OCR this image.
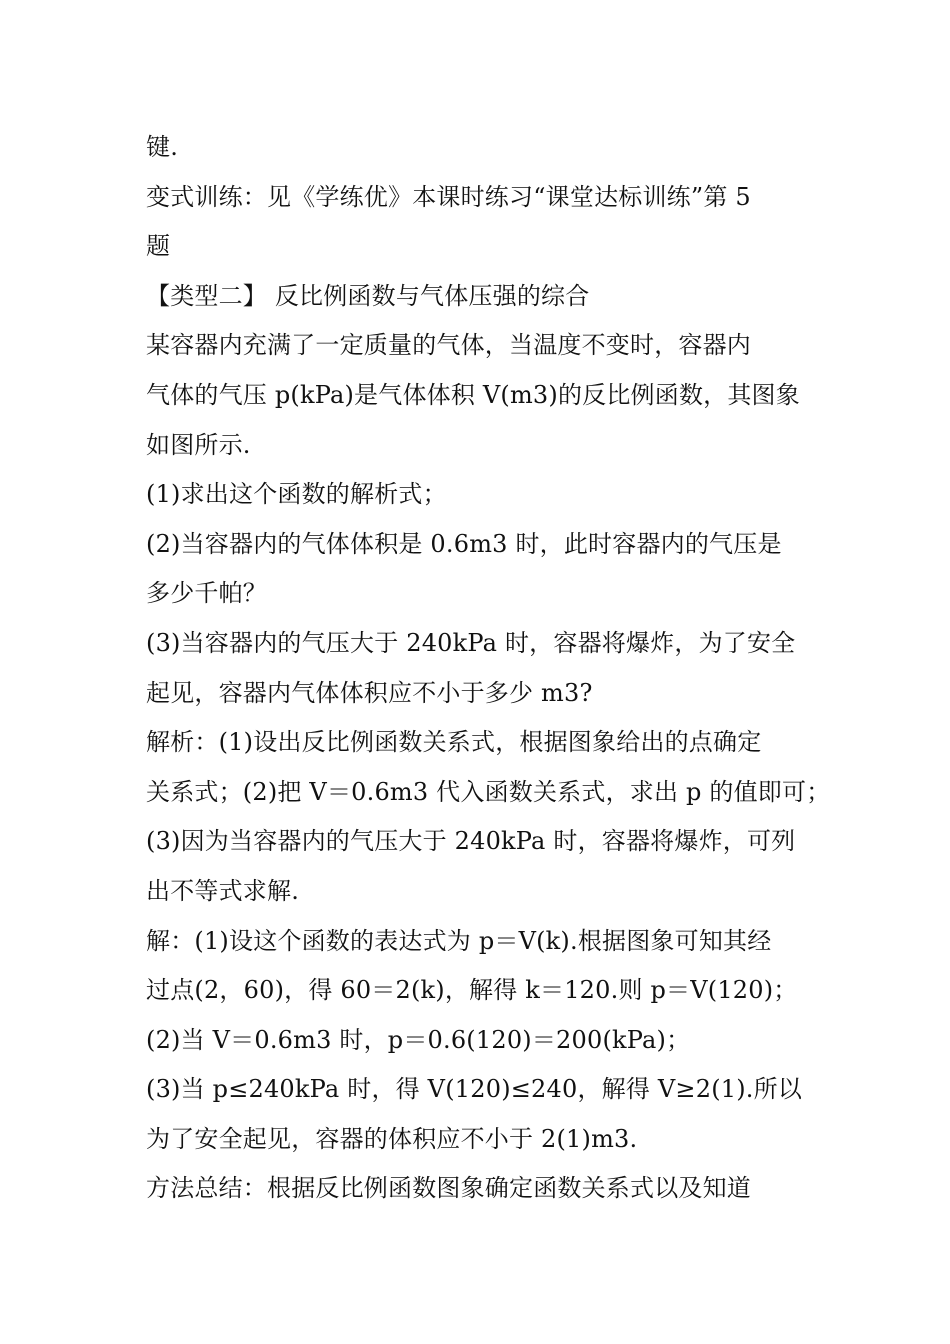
键.
变式训练：见《学练优》本课时练习“课堂达标训练”第 5
题
【类型二】 反比例函数与气体压强的综合
某容器内充满了一定质量的气体，当温度不变时，容器内
气体的气压 p(kPa)是气体体积 V(m3)的反比例函数，其图象
如图所示.
(1)求出这个函数的解析式；
(2)当容器内的气体体积是 0.6m3 时，此时容器内的气压是
多少千帕？
(3)当容器内的气压大于 240kPa 时，容器将爆炸，为了安全
起见，容器内气体体积应不小于多少 m3?
解析：(1)设出反比例函数关系式，根据图象给出的点确定
关系式；(2)把 V＝0.6m3 代入函数关系式，求出 p 的值即可；
(3)因为当容器内的气压大于 240kPa 时，容器将爆炸，可列
出不等式求解.
解：(1)设这个函数的表达式为 p＝V(k).根据图象可知其经
过点(2，60)，得 60＝2(k)，解得 k＝120.则 p＝V(120)；
(2)当 V＝0.6m3 时，p＝0.6(120)＝200(kPa)；
(3)当 p≤240kPa 时，得 V(120)≤240，解得 V≥2(1).所以
为了安全起见，容器的体积应不小于 2(1)m3.
方法总结：根据反比例函数图象确定函数关系式以及知道
